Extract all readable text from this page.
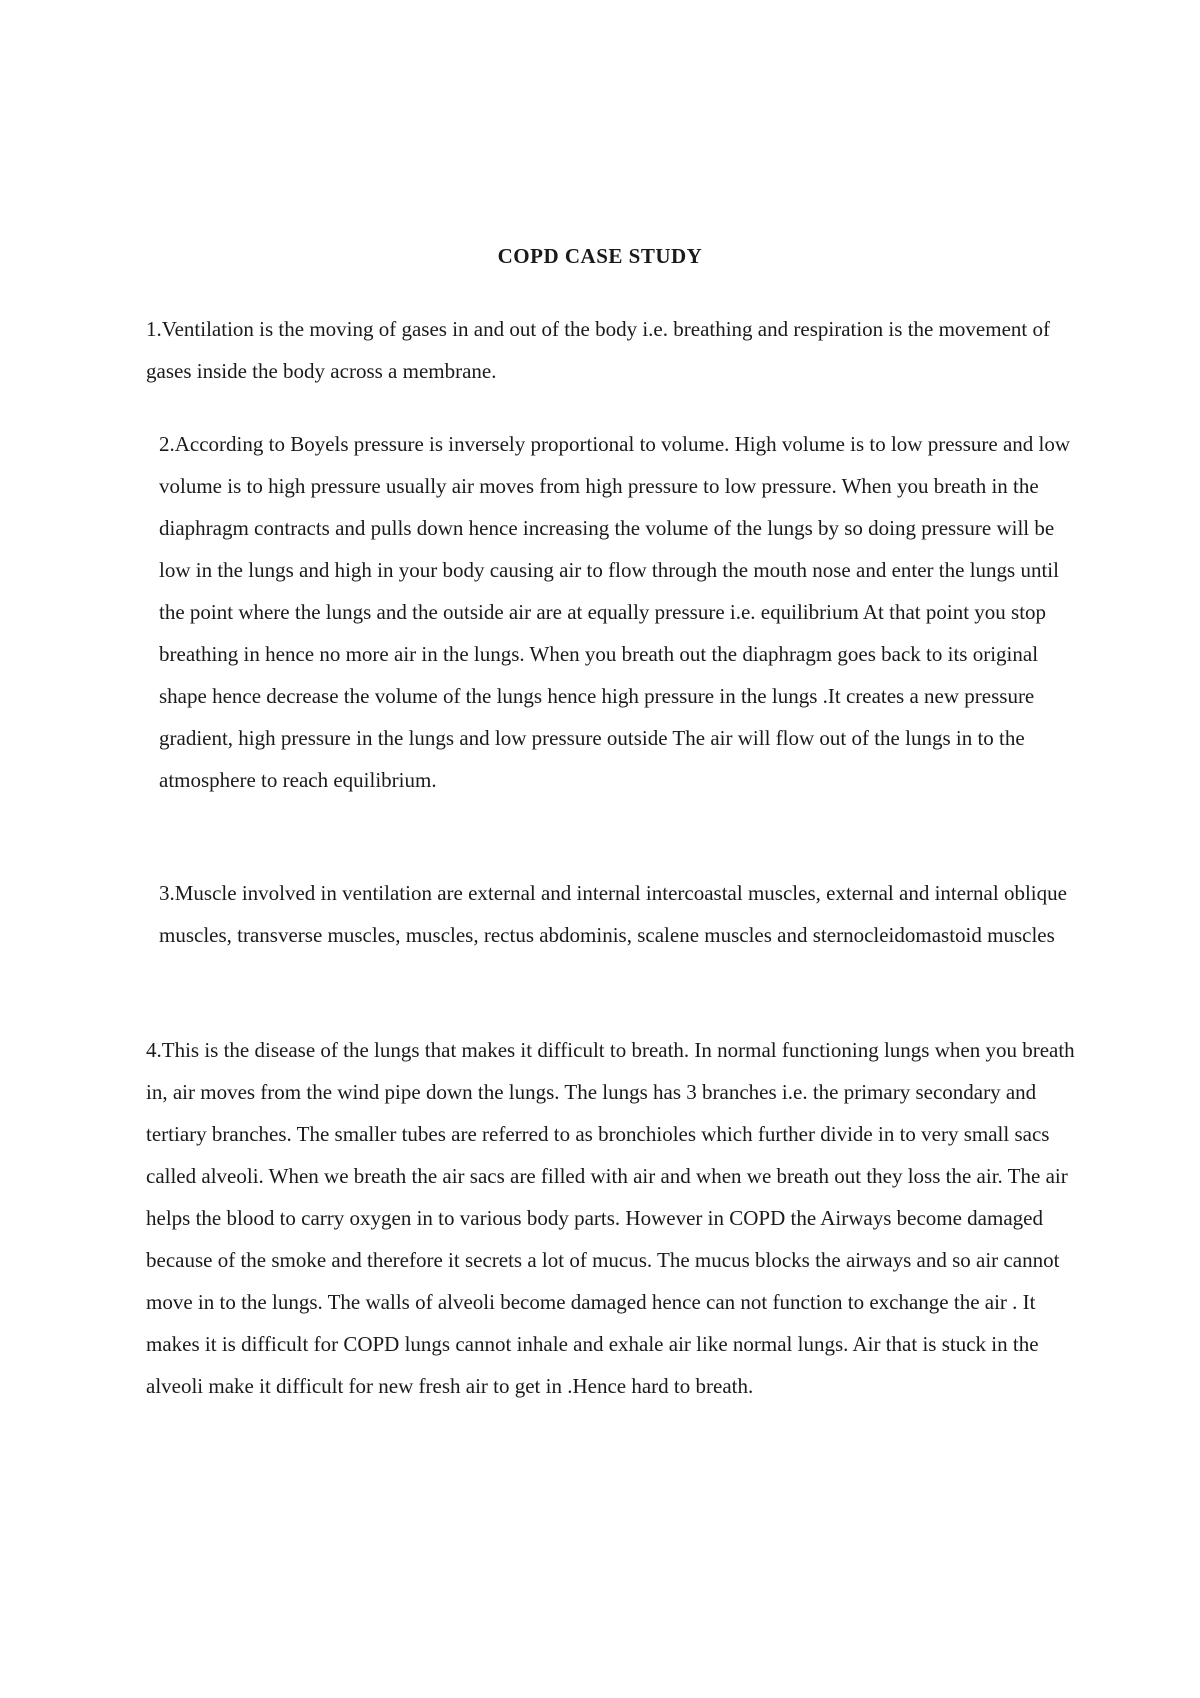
COPD CASE STUDY

1.Ventilation is the moving of gases in and out of the body i.e. breathing and respiration is the movement of gases inside the body across a membrane.

2.According to Boyels pressure is inversely proportional to volume. High volume is to low pressure and low volume is to high pressure usually air moves from high pressure to low pressure. When you breath in the diaphragm contracts and pulls down hence increasing the volume of the lungs by so doing pressure will be low in the lungs and high in your body causing air to flow through the mouth nose and enter the lungs until the point where the lungs and the outside air are at equally pressure i.e. equilibrium At that point you stop breathing in hence no more air in the lungs. When you breath out the diaphragm goes back to its original shape hence decrease the volume of the lungs hence high pressure in the lungs .It creates a new pressure gradient, high pressure in the lungs and low pressure outside The air will flow out of the lungs in to the atmosphere to reach equilibrium.

3.Muscle involved in ventilation are external and internal intercoastal muscles, external and internal oblique muscles, transverse muscles, muscles, rectus abdominis, scalene muscles and sternocleidomastoid muscles

4.This is the disease of the lungs that makes it difficult to breath. In normal functioning lungs when you breath in, air moves from the wind pipe down the lungs. The lungs has 3 branches i.e. the primary secondary and tertiary branches. The smaller tubes are referred to as bronchioles which further divide in to very small sacs called alveoli. When we breath the air sacs are filled with air and when we breath out they loss the air. The air helps the blood to carry oxygen in to various body parts. However in COPD the Airways become damaged because of the smoke and therefore it secrets a lot of mucus. The mucus blocks the airways and so air cannot move in to the lungs. The walls of alveoli become damaged hence can not function to exchange the air . It makes it is difficult for COPD lungs cannot inhale and exhale air like normal lungs. Air that is stuck in the alveoli make it difficult for new fresh air to get in .Hence hard to breath.
